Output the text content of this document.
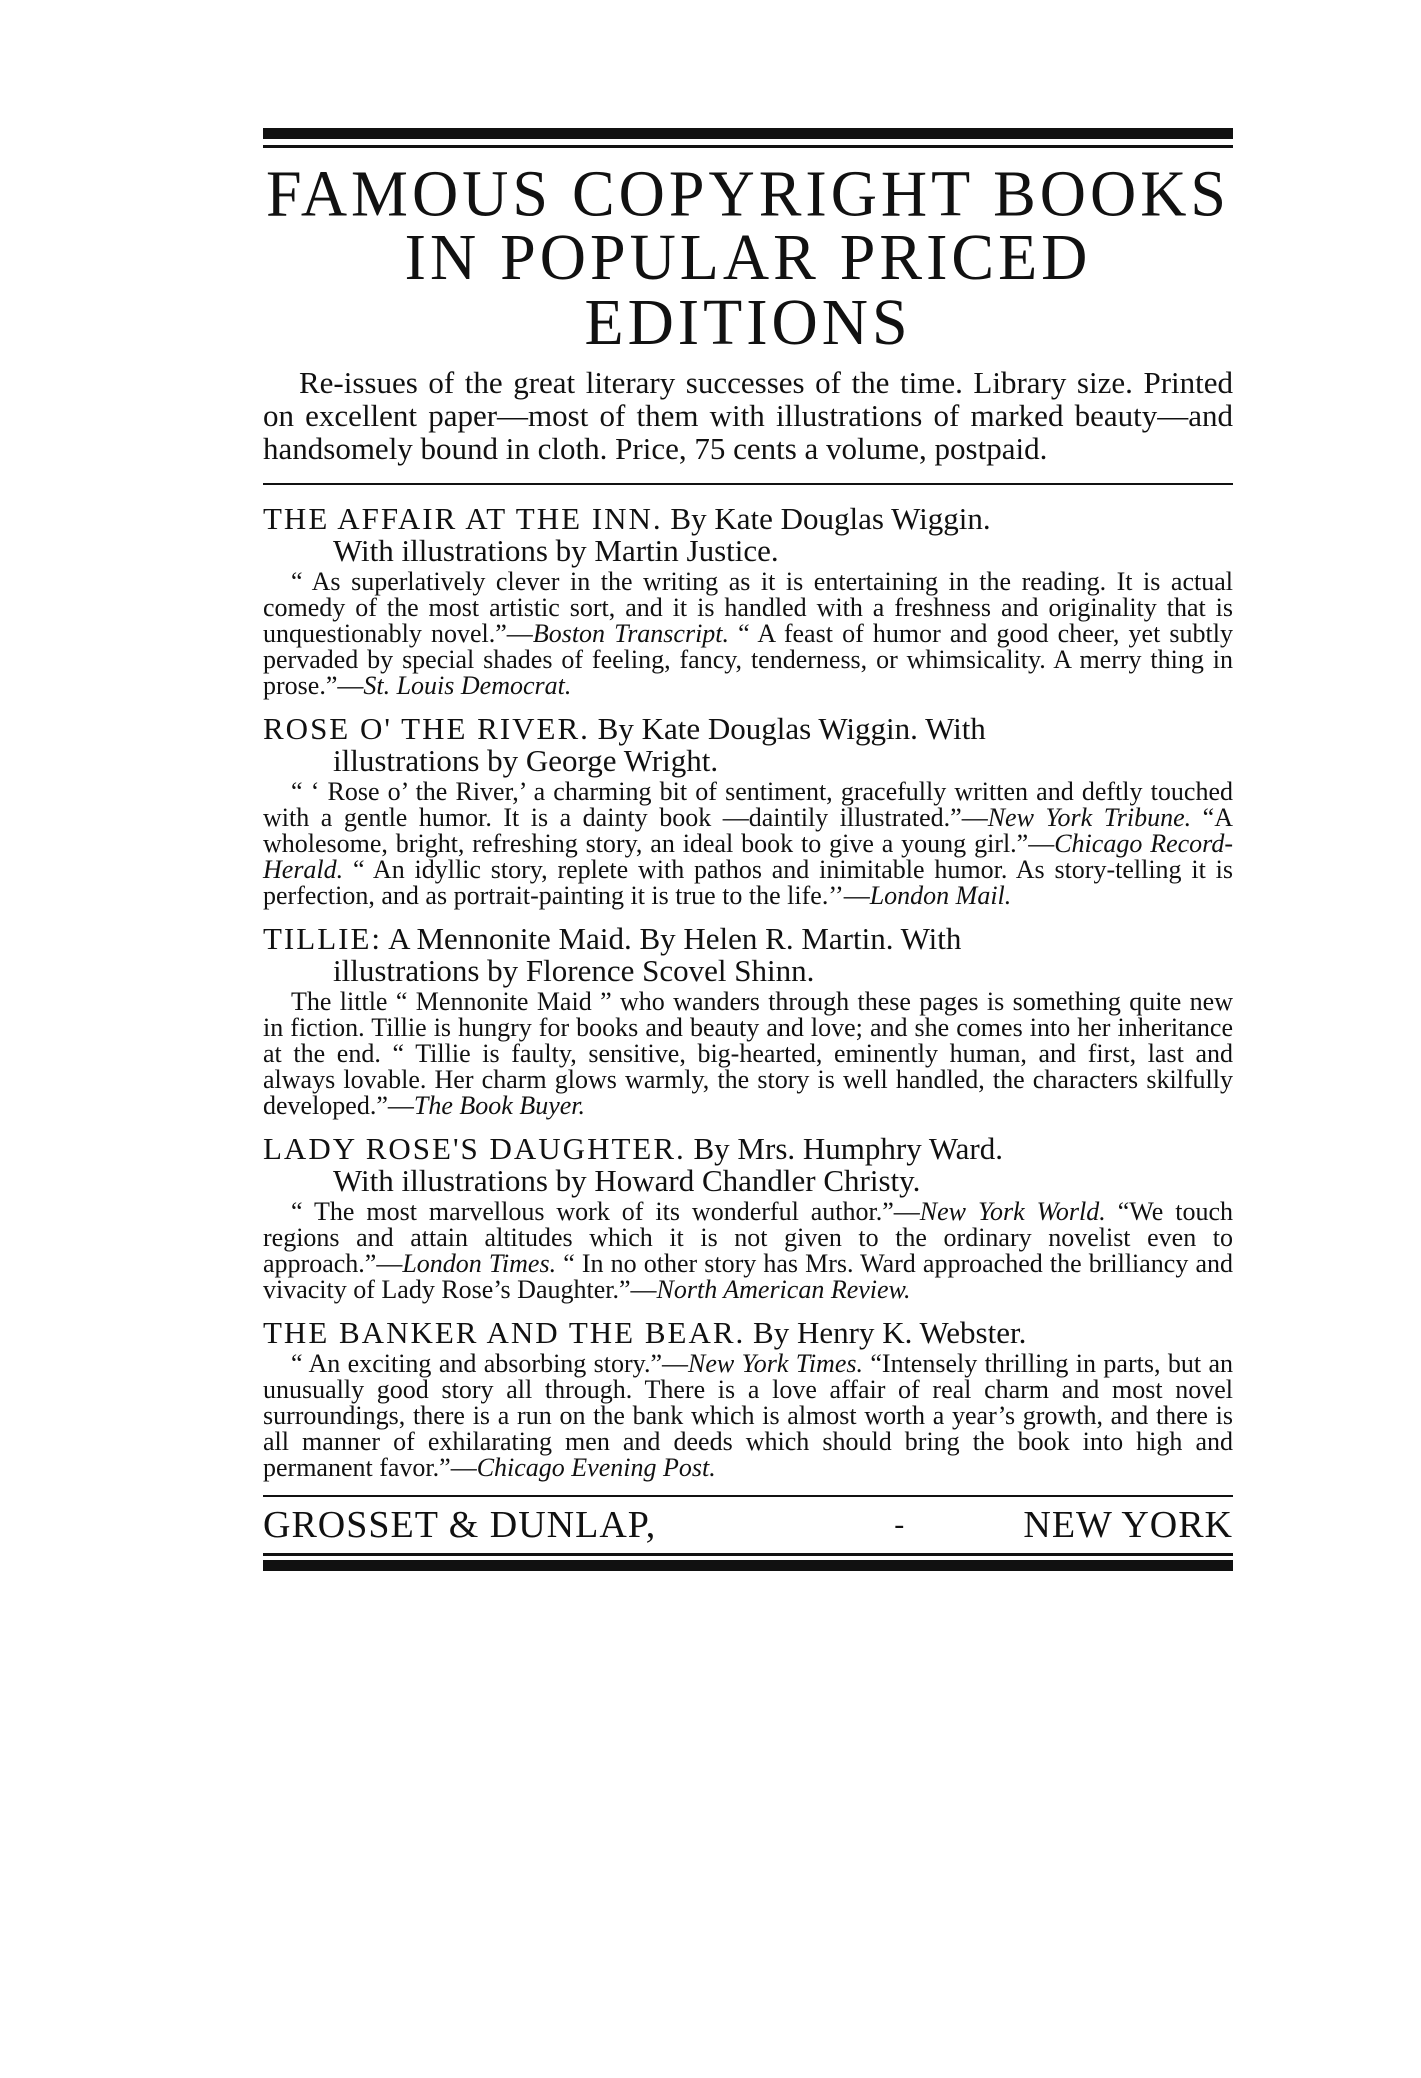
FAMOUS COPYRIGHT BOOKS
IN POPULAR PRICED EDITIONS

Re-issues of the great literary successes of the time. Library size. Printed on excellent paper—most of them with illustrations of marked beauty—and handsomely bound in cloth. Price, 75 cents a volume, postpaid.

THE AFFAIR AT THE INN. By Kate Douglas Wiggin.
With illustrations by Martin Justice.
“ As superlatively clever in the writing as it is entertaining in the reading. It is actual comedy of the most artistic sort, and it is handled with a freshness and originality that is unquestionably novel.”—Boston Transcript. “ A feast of humor and good cheer, yet subtly pervaded by special shades of feeling, fancy, tenderness, or whimsicality. A merry thing in prose.”—St. Louis Democrat.
ROSE O' THE RIVER. By Kate Douglas Wiggin. With
illustrations by George Wright.
“ ‘ Rose o’ the River,’ a charming bit of sentiment, gracefully written and deftly touched with a gentle humor. It is a dainty book —daintily illustrated.”—New York Tribune. “A wholesome, bright, refreshing story, an ideal book to give a young girl.”—Chicago Record-Herald. “ An idyllic story, replete with pathos and inimitable humor. As story-telling it is perfection, and as portrait-painting it is true to the life.’’—London Mail.
TILLIE: A Mennonite Maid. By Helen R. Martin. With
illustrations by Florence Scovel Shinn.
The little “ Mennonite Maid ” who wanders through these pages is something quite new in fiction. Tillie is hungry for books and beauty and love; and she comes into her inheritance at the end. “ Tillie is faulty, sensitive, big-hearted, eminently human, and first, last and always lovable. Her charm glows warmly, the story is well handled, the characters skilfully developed.”—The Book Buyer.
LADY ROSE'S DAUGHTER. By Mrs. Humphry Ward.
With illustrations by Howard Chandler Christy.
“ The most marvellous work of its wonderful author.”—New York World. “We touch regions and attain altitudes which it is not given to the ordinary novelist even to approach.”—London Times. “ In no other story has Mrs. Ward approached the brilliancy and vivacity of Lady Rose’s Daughter.”—North American Review.
THE BANKER AND THE BEAR. By Henry K. Webster.
“ An exciting and absorbing story.”—New York Times. “Intensely thrilling in parts, but an unusually good story all through. There is a love affair of real charm and most novel surroundings, there is a run on the bank which is almost worth a year’s growth, and there is all manner of exhilarating men and deeds which should bring the book into high and permanent favor.”—Chicago Evening Post.
GROSSET & DUNLAP,	-	NEW YORK
